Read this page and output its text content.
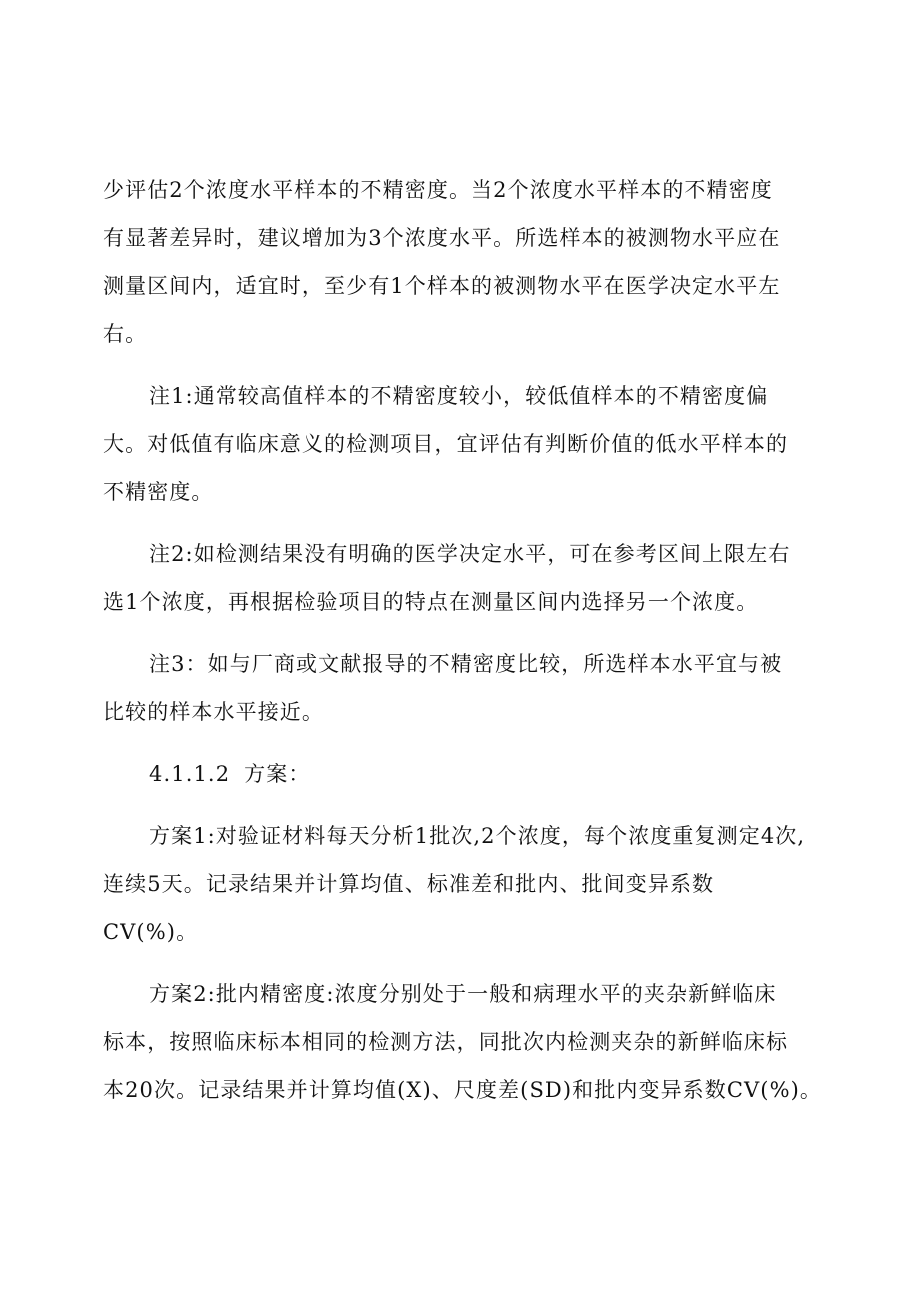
少评估2个浓度水平样本的不精密度。当2个浓度水平样本的不精密度
有显著差异时，建议增加为3个浓度水平。所选样本的被测物水平应在
测量区间内，适宜时，至少有1个样本的被测物水平在医学决定水平左
右。

注1:通常较高值样本的不精密度较小，较低值样本的不精密度偏
大。对低值有临床意义的检测项目，宜评估有判断价值的低水平样本的
不精密度。

注2:如检测结果没有明确的医学决定水平，可在参考区间上限左右
选1个浓度，再根据检验项目的特点在测量区间内选择另一个浓度。

注3：如与厂商或文献报导的不精密度比较，所选样本水平宜与被
比较的样本水平接近。

4.1.1.2 方案：

方案1:对验证材料每天分析1批次,2个浓度，每个浓度重复测定4次,
连续5天。记录结果并计算均值、标准差和批内、批间变异系数
CV(%)。

方案2:批内精密度:浓度分别处于一般和病理水平的夹杂新鲜临床
标本，按照临床标本相同的检测方法，同批次内检测夹杂的新鲜临床标
本20次。记录结果并计算均值(X)、尺度差(SD)和批内变异系数CV(%)。
